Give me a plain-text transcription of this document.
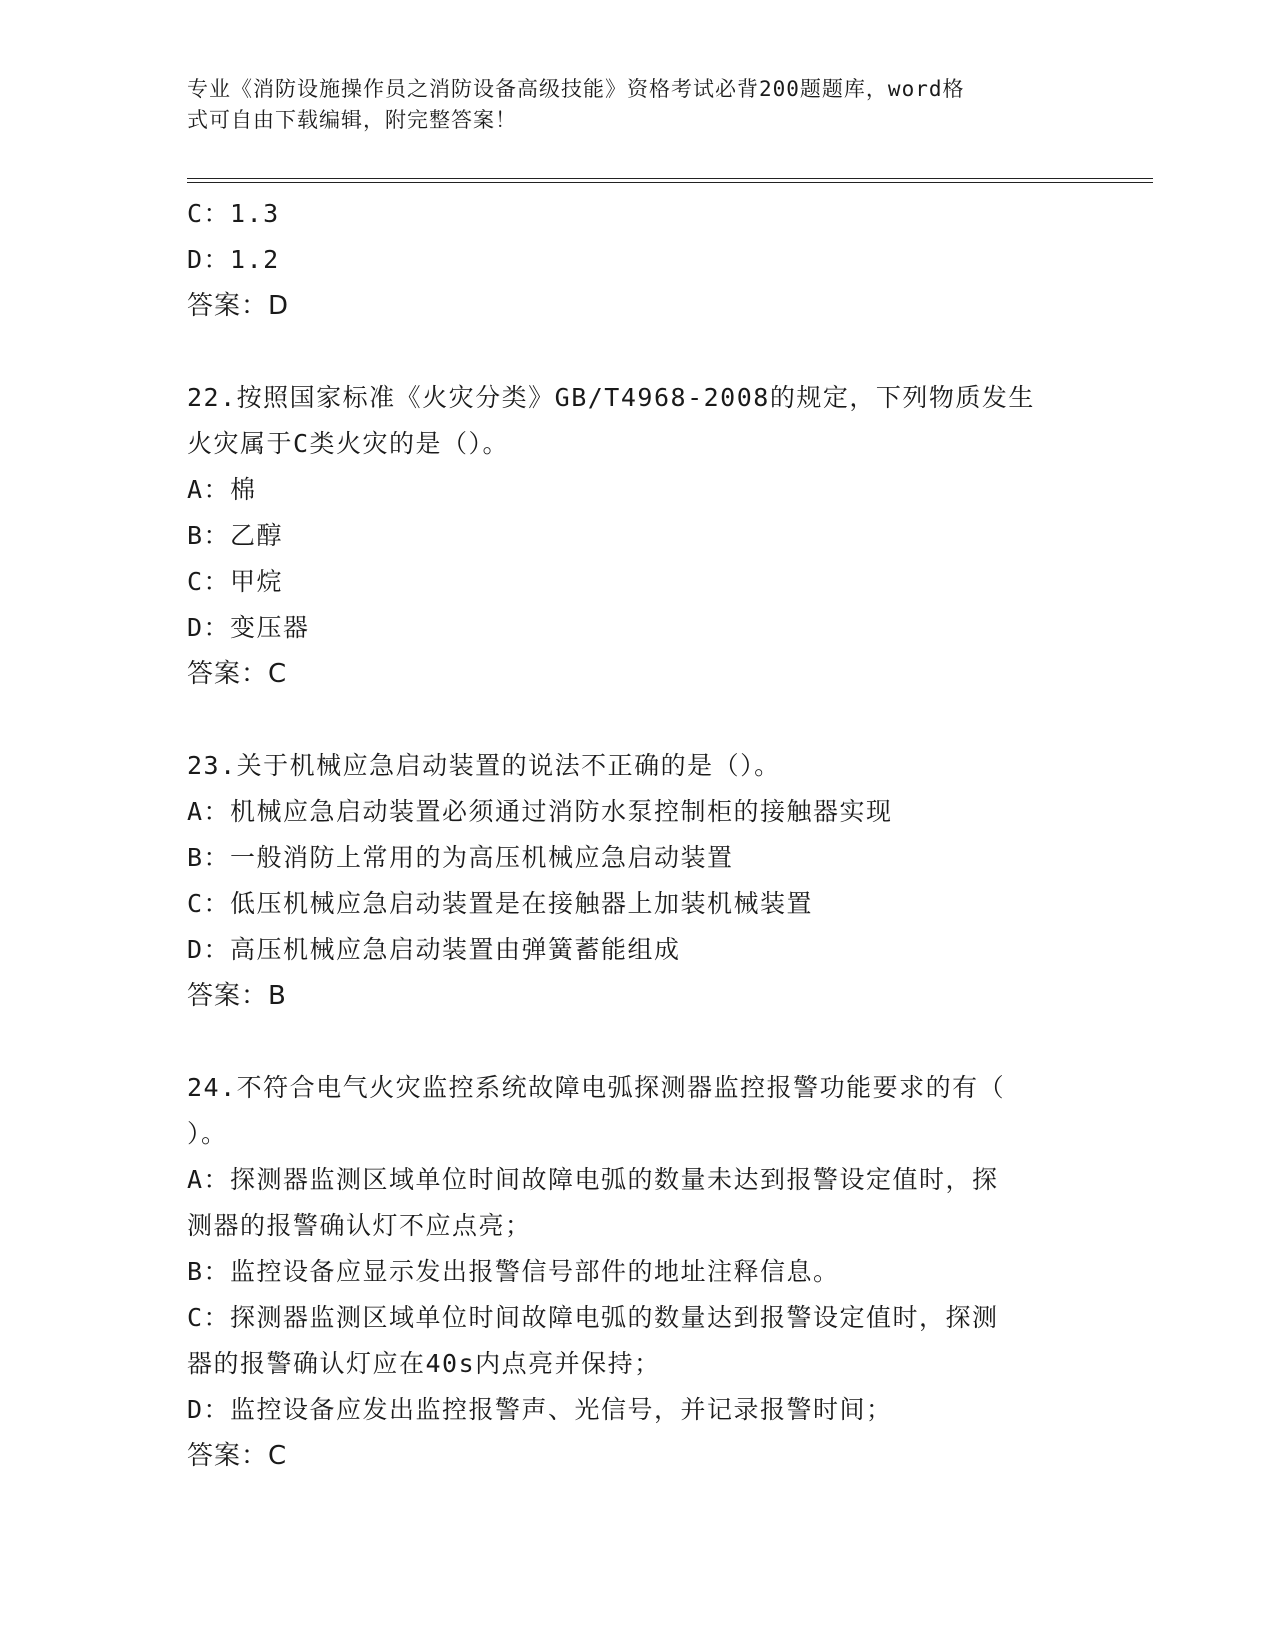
专业《消防设施操作员之消防设备高级技能》资格考试必背200题题库，word格
式可自由下载编辑，附完整答案！
C：1.3
D：1.2
答案：D
22.按照国家标准《火灾分类》GB/T4968-2008的规定，下列物质发生
火灾属于C类火灾的是（）。
A：棉
B：乙醇
C：甲烷
D：变压器
答案：C
23.关于机械应急启动装置的说法不正确的是（）。
A：机械应急启动装置必须通过消防水泵控制柜的接触器实现
B：一般消防上常用的为高压机械应急启动装置
C：低压机械应急启动装置是在接触器上加装机械装置
D：高压机械应急启动装置由弹簧蓄能组成
答案：B
24.不符合电气火灾监控系统故障电弧探测器监控报警功能要求的有（
）。
A：探测器监测区域单位时间故障电弧的数量未达到报警设定值时，探
测器的报警确认灯不应点亮；
B：监控设备应显示发出报警信号部件的地址注释信息。
C：探测器监测区域单位时间故障电弧的数量达到报警设定值时，探测
器的报警确认灯应在40s内点亮并保持；
D：监控设备应发出监控报警声、光信号，并记录报警时间；
答案：C
